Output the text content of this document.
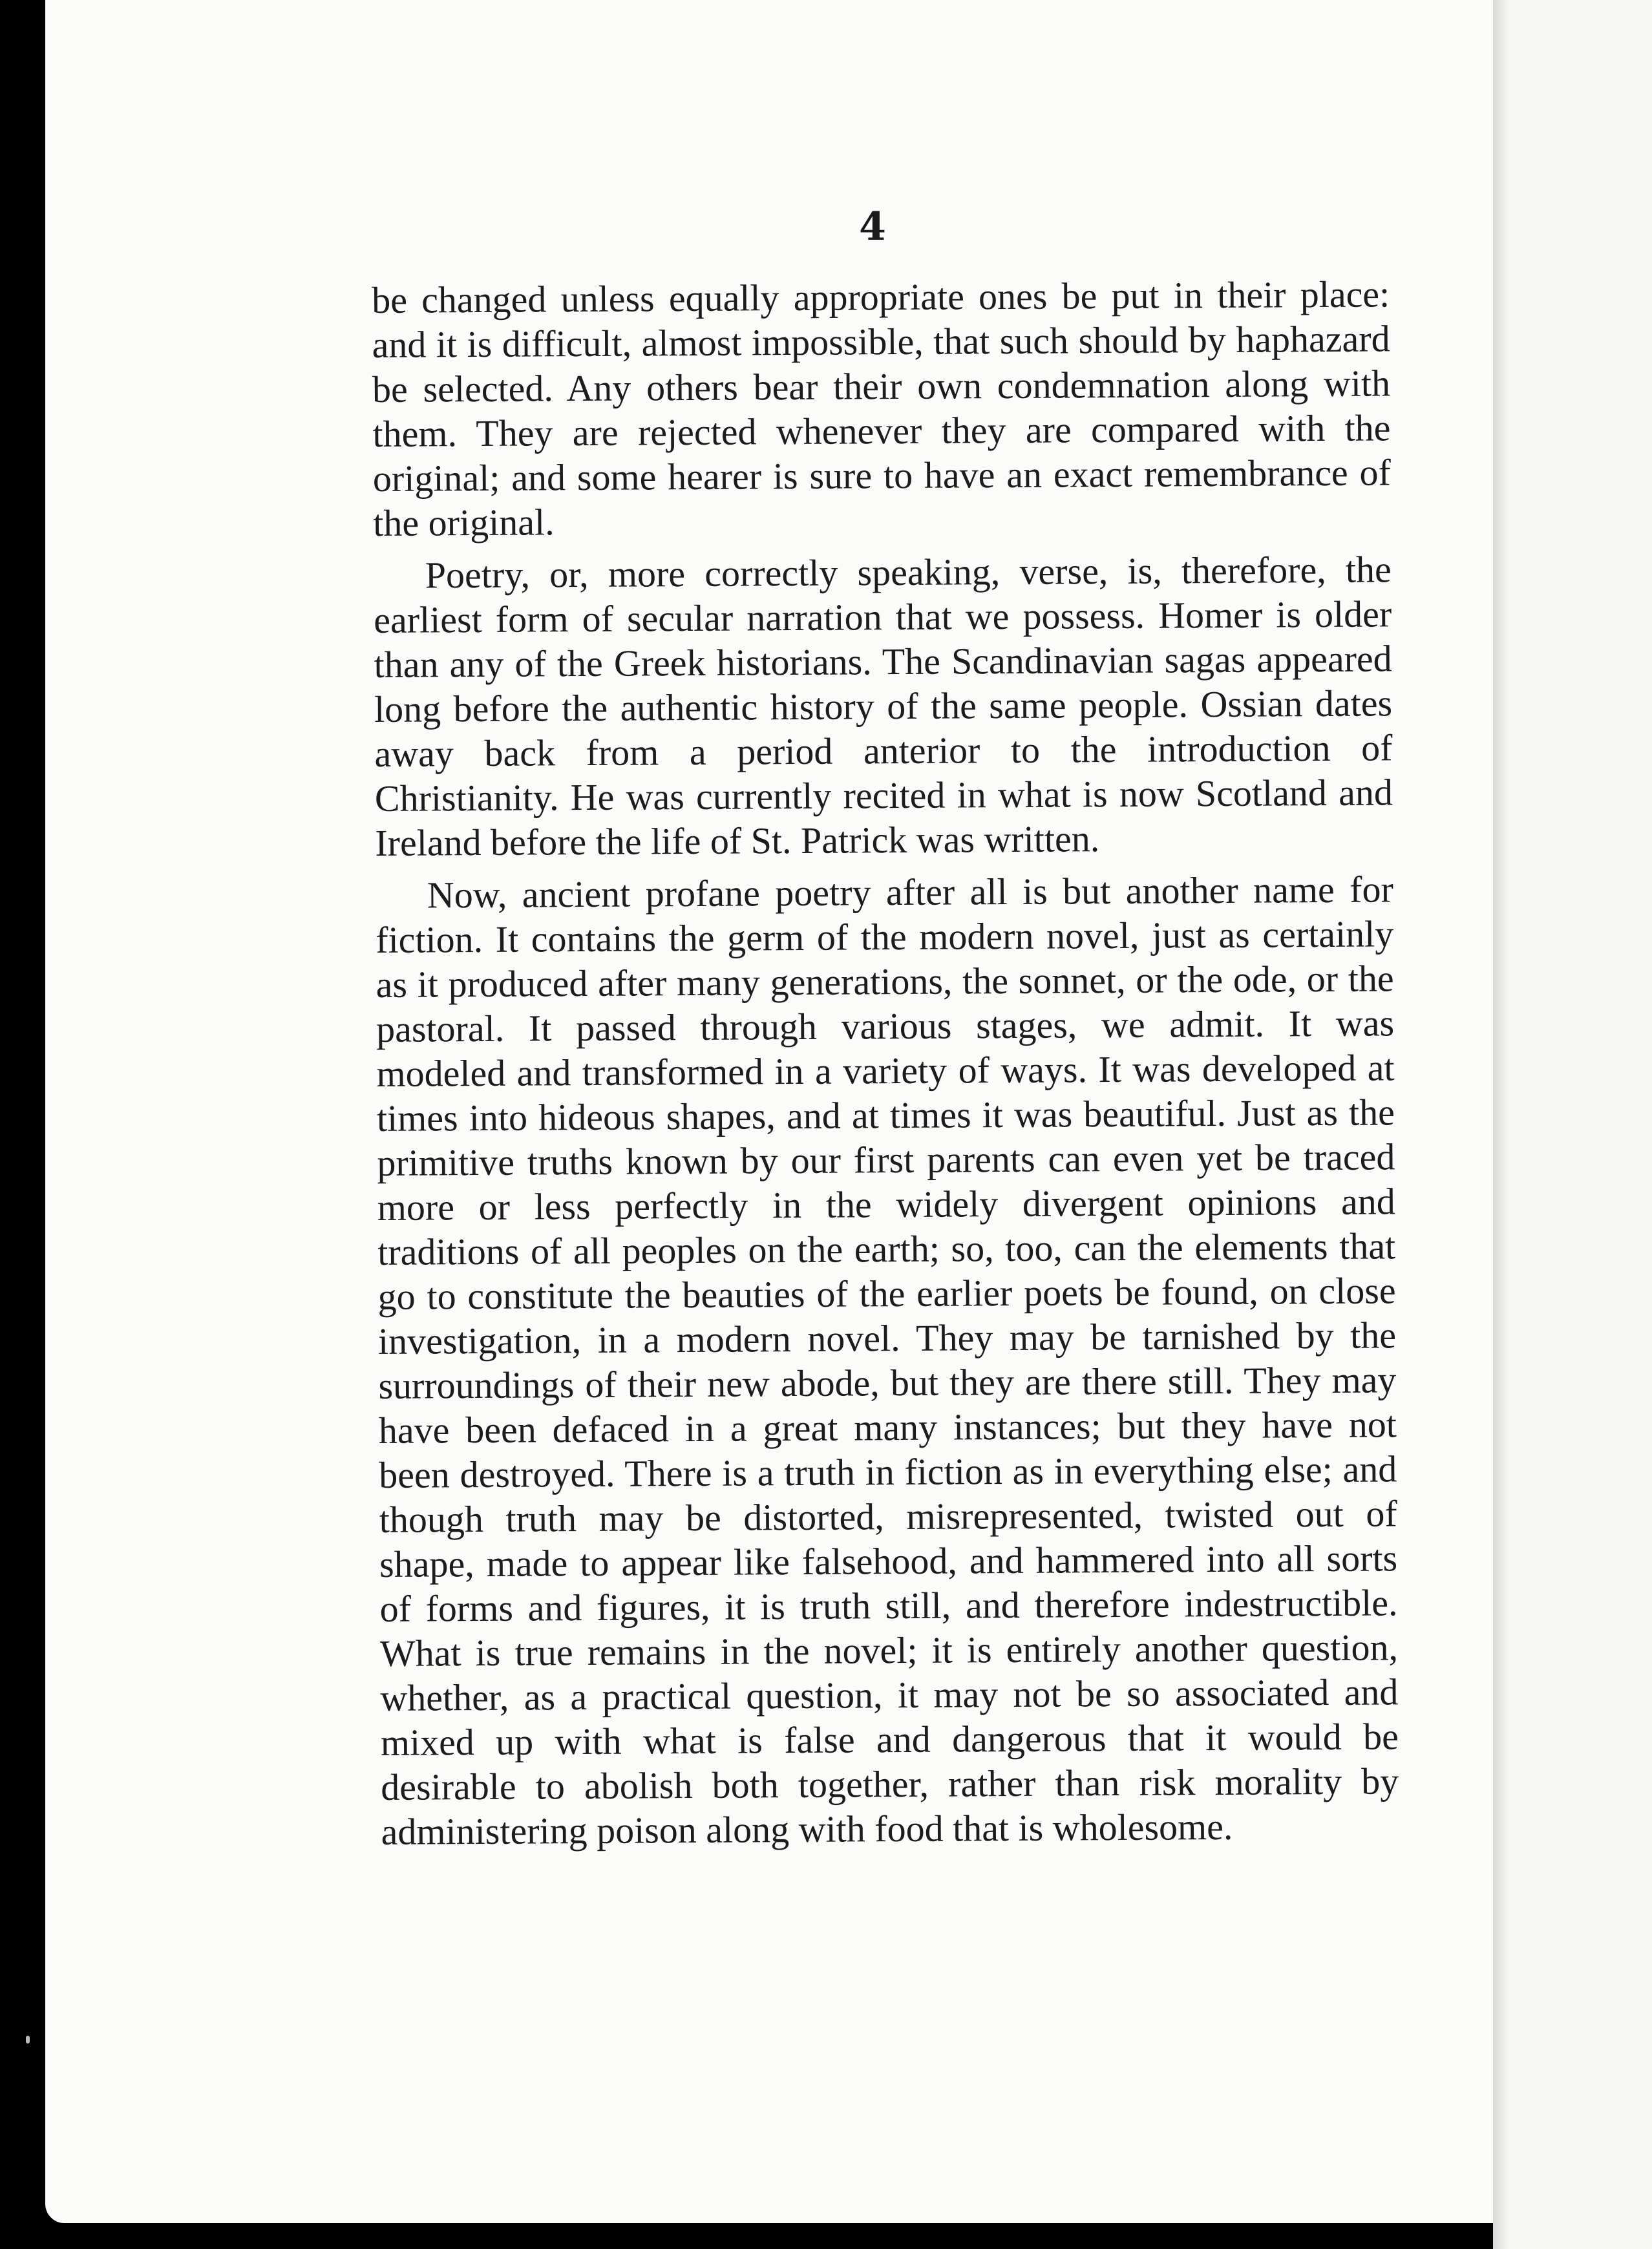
4

be changed unless equally appropriate ones be put in their place: and it is difficult, almost impossible, that such should by haphazard be selected. Any others bear their own condemnation along with them. They are rejected whenever they are compared with the original; and some hearer is sure to have an exact remembrance of the original.

Poetry, or, more correctly speaking, verse, is, therefore, the earliest form of secular narration that we possess. Homer is older than any of the Greek historians. The Scandinavian sagas appeared long before the authentic history of the same people. Ossian dates away back from a period anterior to the introduction of Christianity. He was currently recited in what is now Scotland and Ireland before the life of St. Patrick was written.

Now, ancient profane poetry after all is but another name for fiction. It contains the germ of the modern novel, just as certainly as it produced after many generations, the sonnet, or the ode, or the pastoral. It passed through various stages, we admit. It was modeled and transformed in a variety of ways. It was developed at times into hideous shapes, and at times it was beautiful. Just as the primitive truths known by our first parents can even yet be traced more or less perfectly in the widely divergent opinions and traditions of all peoples on the earth; so, too, can the elements that go to constitute the beauties of the earlier poets be found, on close investigation, in a modern novel. They may be tarnished by the surroundings of their new abode, but they are there still. They may have been defaced in a great many instances; but they have not been destroyed. There is a truth in fiction as in everything else; and though truth may be distorted, misrepresented, twisted out of shape, made to appear like falsehood, and hammered into all sorts of forms and figures, it is truth still, and therefore indestructible. What is true remains in the novel; it is entirely another question, whether, as a practical question, it may not be so associated and mixed up with what is false and dangerous that it would be desirable to abolish both together, rather than risk morality by administering poison along with food that is wholesome.
